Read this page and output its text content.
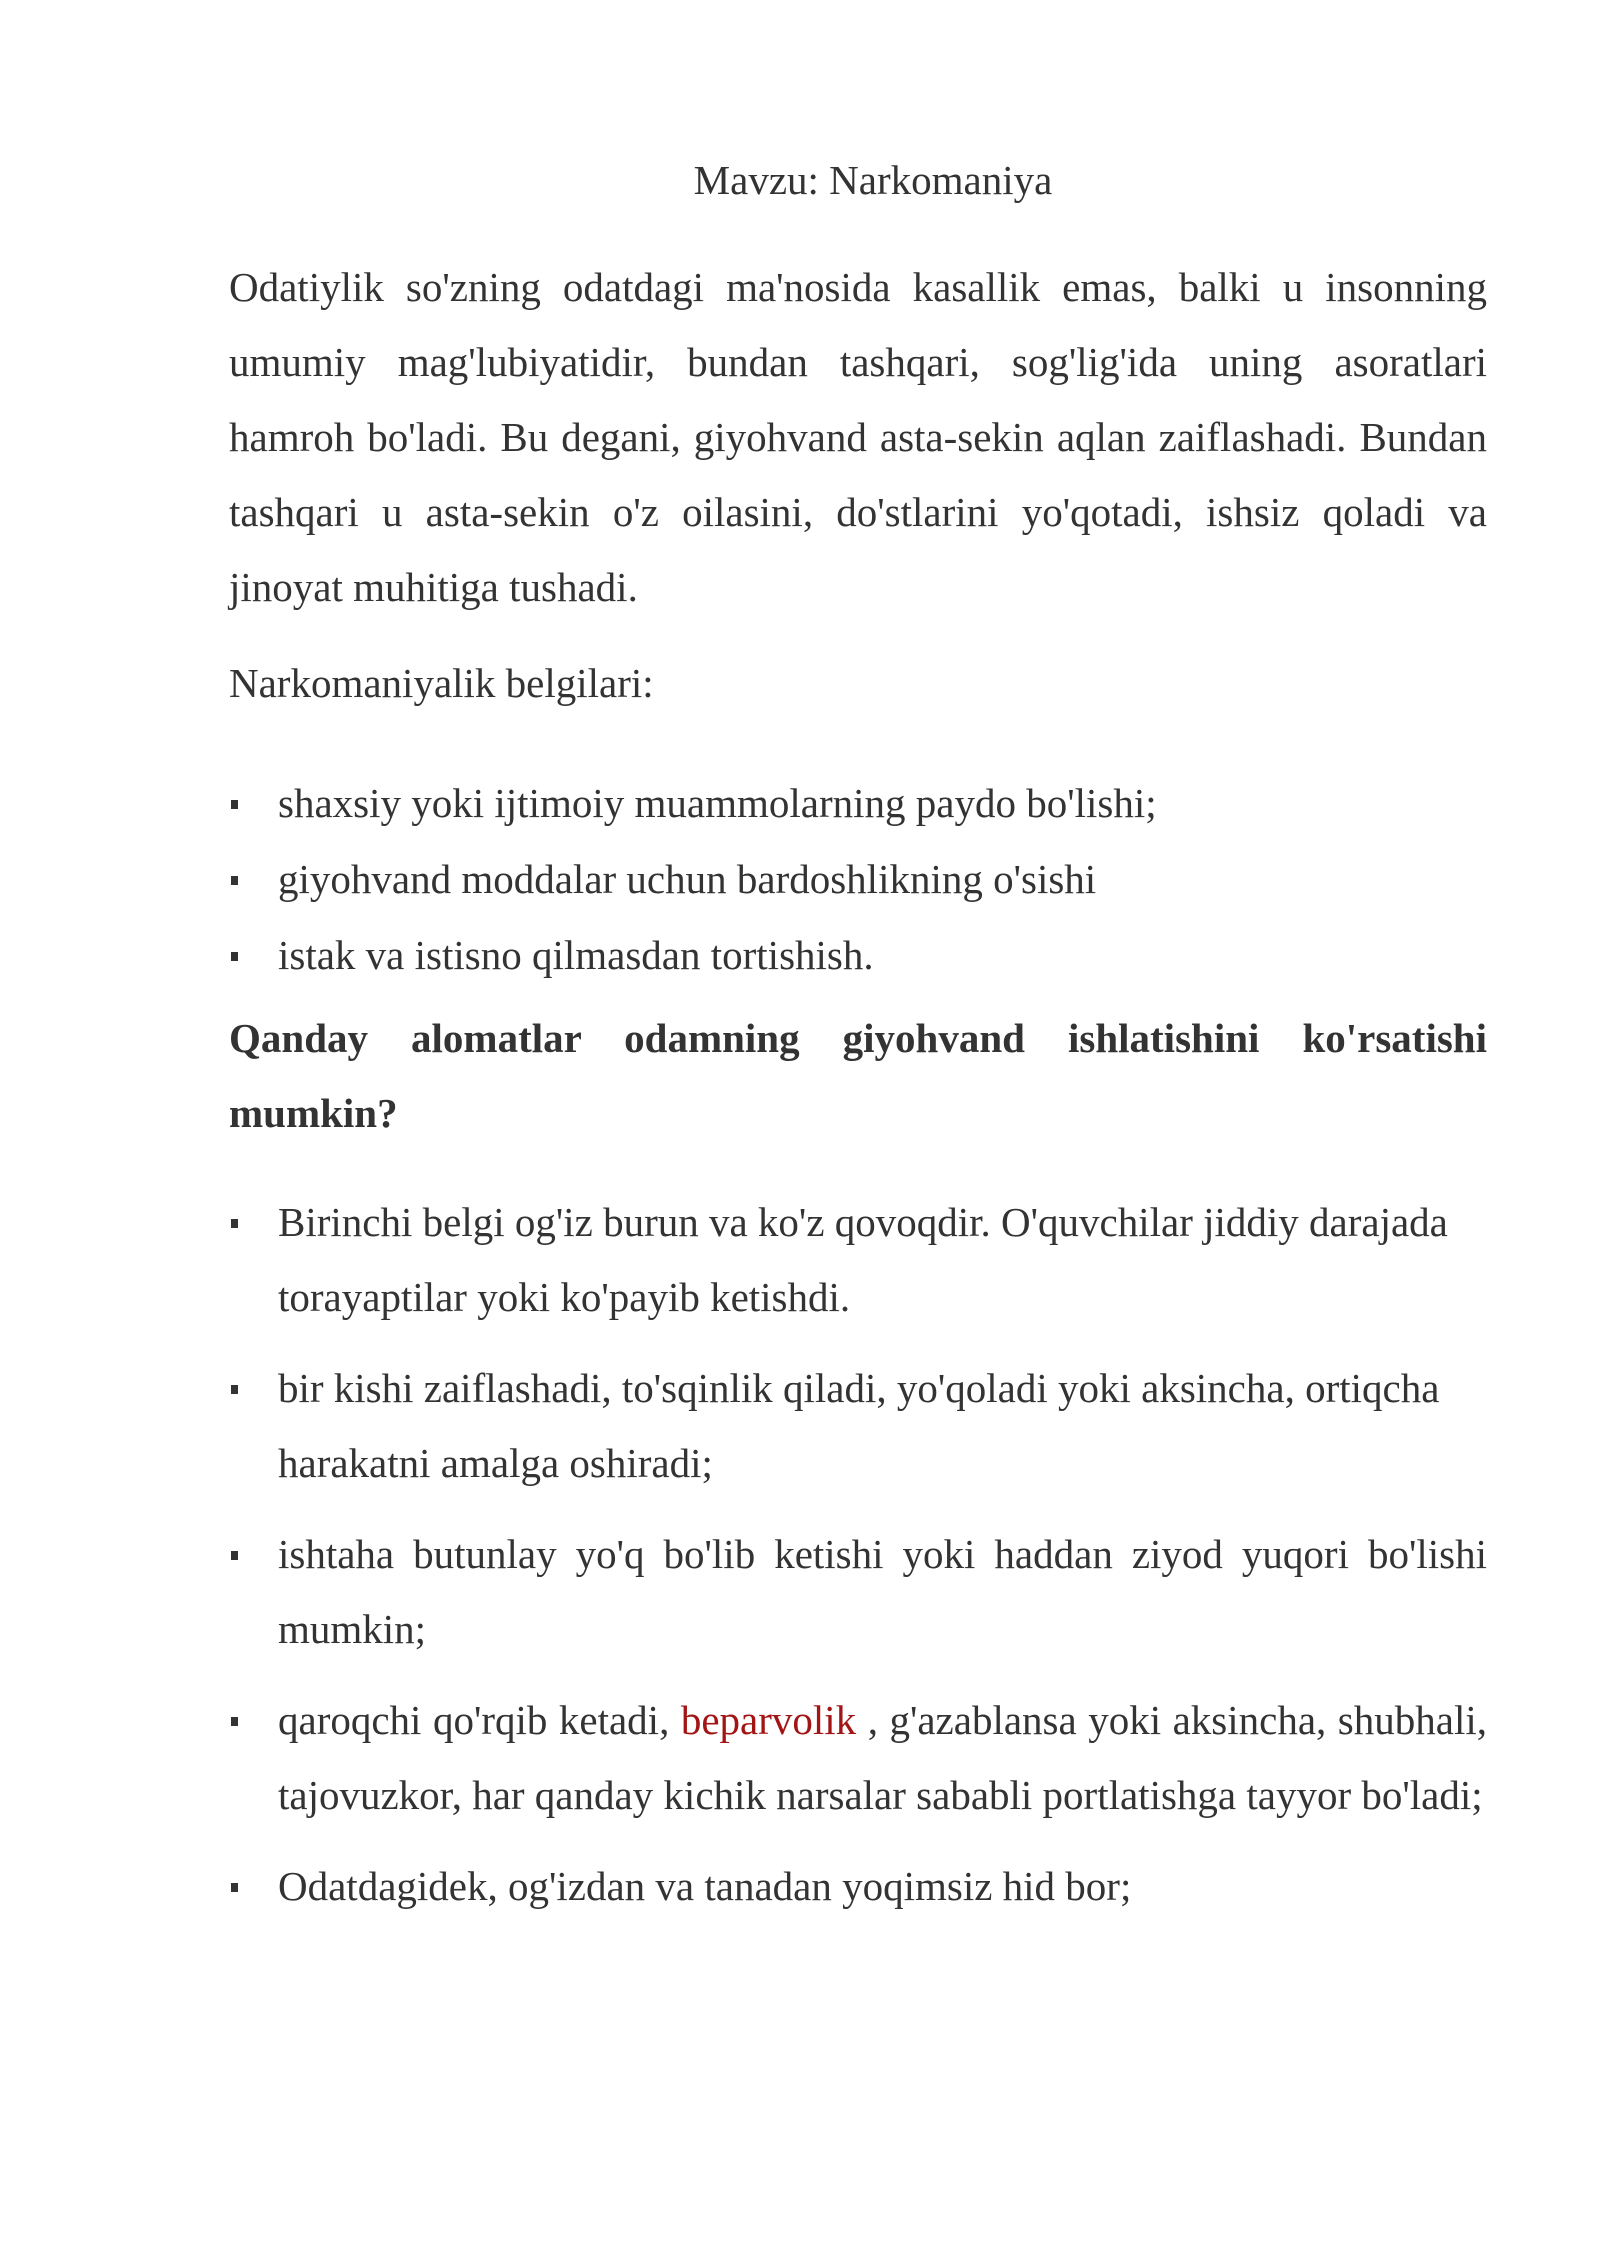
Mavzu: Narkomaniya

Odatiylik so'zning odatdagi ma'nosida kasallik emas, balki u insonning umumiy mag'lubiyatidir, bundan tashqari, sog'lig'ida uning asoratlari hamroh bo'ladi. Bu degani, giyohvand asta-sekin aqlan zaiflashadi. Bundan tashqari u asta-sekin o'z oilasini, do'stlarini yo'qotadi, ishsiz qoladi va jinoyat muhitiga tushadi.

Narkomaniyalik belgilari:
shaxsiy yoki ijtimoiy muammolarning paydo bo'lishi;
giyohvand moddalar uchun bardoshlikning o'sishi
istak va istisno qilmasdan tortishish.
Qanday alomatlar odamning giyohvand ishlatishini ko'rsatishi mumkin?
Birinchi belgi og'iz burun va ko'z qovoqdir. O'quvchilar jiddiy darajada torayaptilar yoki ko'payib ketishdi.
bir kishi zaiflashadi, to'sqinlik qiladi, yo'qoladi yoki aksincha, ortiqcha harakatni amalga oshiradi;
ishtaha butunlay yo'q bo'lib ketishi yoki haddan ziyod yuqori bo'lishi mumkin;
qaroqchi qo'rqib ketadi, beparvolik , g'azablansa yoki aksincha, shubhali, tajovuzkor, har qanday kichik narsalar sababli portlatishga tayyor bo'ladi;
Odatdagidek, og'izdan va tanadan yoqimsiz hid bor;
